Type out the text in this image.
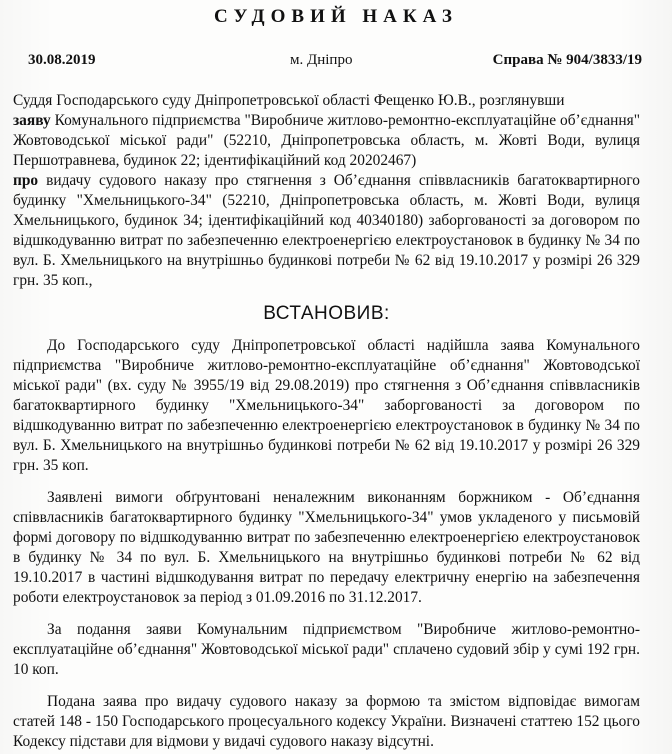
СУДОВИЙ НАКАЗ
30.08.2019	м. Дніпро	Справа № 904/3833/19

Суддя Господарського суду Дніпропетровської області Фещенко Ю.В., розглянувши

заяву Комунального підприємства "Виробниче житлово-ремонтно-експлуатаційне об’єднання" Жовтоводської міської ради" (52210, Дніпропетровська область, м. Жовті Води, вулиця Першотравнева, будинок 22; ідентифікаційний код 20202467)

про видачу судового наказу про стягнення з Об’єднання співвласників багатоквартирного будинку "Хмельницького-34" (52210, Дніпропетровська область, м. Жовті Води, вулиця Хмельницького, будинок 34; ідентифікаційний код 40340180) заборгованості за договором по відшкодуванню витрат по забезпеченню електроенергією електроустановок в будинку № 34 по вул. Б. Хмельницького на внутрішньо будинкові потреби № 62 від 19.10.2017 у розмірі 26 329 грн. 35 коп.,

ВСТАНОВИВ:

До Господарського суду Дніпропетровської області надійшла заява Комунального підприємства "Виробниче житлово-ремонтно-експлуатаційне об’єднання" Жовтоводської міської ради" (вх. суду № 3955/19 від 29.08.2019) про стягнення з Об’єднання співвласників багатоквартирного будинку "Хмельницького-34" заборгованості за договором по відшкодуванню витрат по забезпеченню електроенергією електроустановок в будинку № 34 по вул. Б. Хмельницького на внутрішньо будинкові потреби № 62 від 19.10.2017 у розмірі 26 329 грн. 35 коп.

Заявлені вимоги обґрунтовані неналежним виконанням боржником - Об’єднання співвласників багатоквартирного будинку "Хмельницького-34" умов укладеного у письмовій формі договору по відшкодуванню витрат по забезпеченню електроенергією електроустановок в будинку № 34 по вул. Б. Хмельницького на внутрішньо будинкові потреби № 62 від 19.10.2017 в частині відшкодування витрат по передачу електричну енергію на забезпечення роботи електроустановок за період з 01.09.2016 по 31.12.2017.

За подання заяви Комунальним підприємством "Виробниче житлово-ремонтно-експлуатаційне об’єднання" Жовтоводської міської ради" сплачено судовий збір у сумі 192 грн. 10 коп.

Подана заява про видачу судового наказу за формою та змістом відповідає вимогам статей 148 - 150 Господарського процесуального кодексу України. Визначені статтею 152 цього Кодексу підстави для відмови у видачі судового наказу відсутні.
